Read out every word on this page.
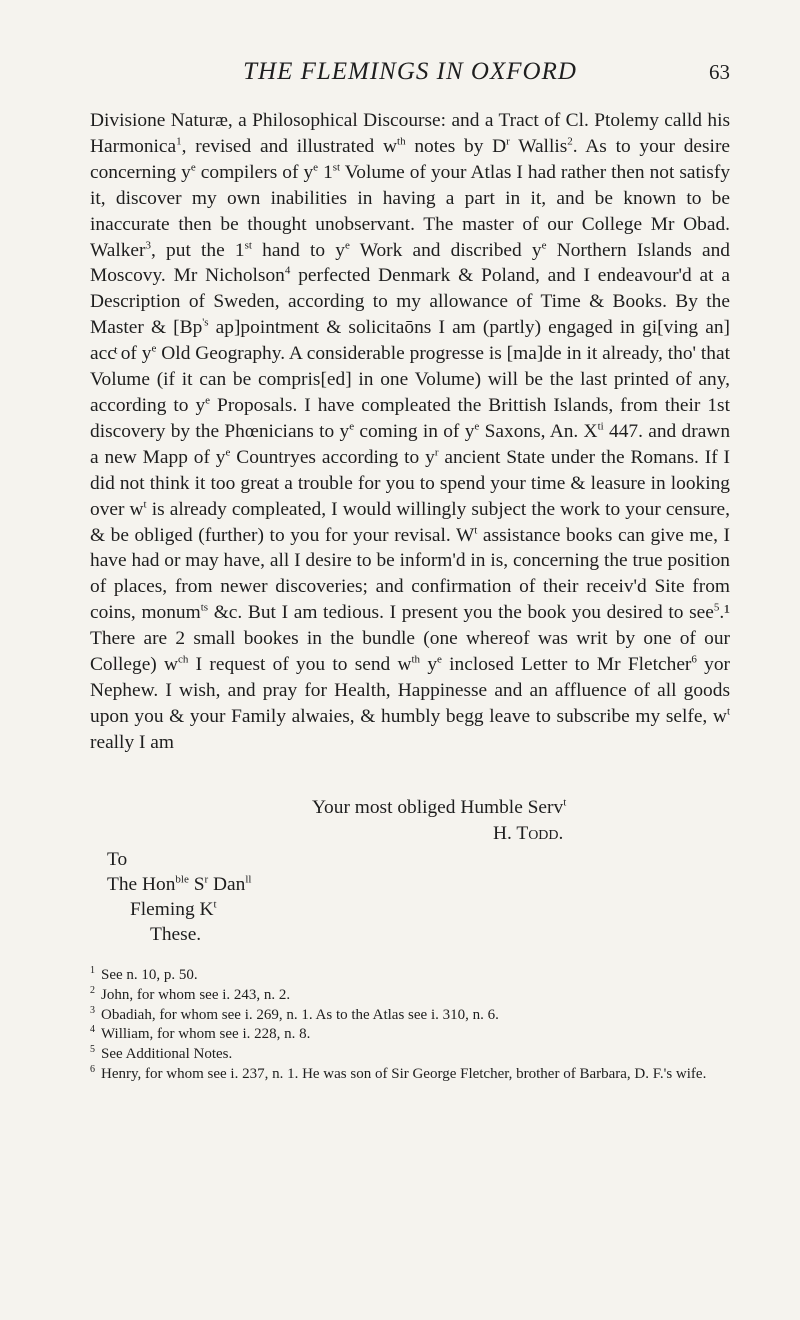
THE FLEMINGS IN OXFORD	63

Divisione Naturæ, a Philosophical Discourse: and a Tract of Cl. Ptolemy calld his Harmonica$^1$, revised and illustrated $w^{th}$ notes by $D^r$ Wallis$^2$. As to your desire concerning $y^e$ compilers of $y^e$ 1st Volume of your Atlas I had rather then not satisfy it, discover my own inabilities in having a part in it, and be known to be inaccurate then be thought unobservant. The master of our College Mr Obad. Walker$^3$, put the 1st hand to $y^e$ Work and discribed $y^e$ Northern Islands and Moscovy. Mr Nicholson$^4$ perfected Denmark & Poland, and I endeavour'd at a Description of Sweden, according to my allowance of Time & Books. By the Master & [$Bp^{'s}$ ap]pointment & solicitaōns I am (partly) engaged in gi[ving an] accͭ of $y^e$ Old Geography. A considerable progresse is [ma]de in it already, tho' that Volume (if it can be compris[ed] in one Volume) will be the last printed of any, according to $y^e$ Proposals. I have compleated the Brittish Islands, from their 1st discovery by the Phœnicians to $y^e$ coming in of $y^e$ Saxons, An. $X^{ti}$ 447. and drawn a new Mapp of $y^e$ Countryes according to $y^r$ ancient State under the Romans. If I did not think it too great a trouble for you to spend your time & leasure in looking over $w^t$ is already compleated, I would willingly subject the work to your censure, & be obliged (further) to you for your revisal. $W^t$ assistance books can give me, I have had or may have, all I desire to be inform'd in is, concerning the true position of places, from newer discoveries; and confirmation of their receiv'd Site from coins, monum$^{ts}$ &c. But I am tedious. I present you the book you desired to see$^5$.¹ There are 2 small bookes in the bundle (one whereof was writ by one of our College) $w^{ch}$ I request of you to send $w^{th}$ $y^e$ inclosed Letter to Mr Fletcher$^6$ yor Nephew. I wish, and pray for Health, Happinesse and an affluence of all goods upon you & your Family alwaies, & humbly begg leave to subscribe my selfe, $w^t$ really I am

Your most obliged Humble Serv$^t$
H. Todd.
To
The Hon$^{ble}$ $S^r$ Dan$^{ll}$
Fleming $K^t$
These.
$^1$ See n. 10, p. 50.
$^2$ John, for whom see i. 243, n. 2.
$^3$ Obadiah, for whom see i. 269, n. 1. As to the Atlas see i. 310, n. 6.
$^4$ William, for whom see i. 228, n. 8.
$^5$ See Additional Notes.
$^6$ Henry, for whom see i. 237, n. 1. He was son of Sir George Fletcher, brother of Barbara, D. F.'s wife.
